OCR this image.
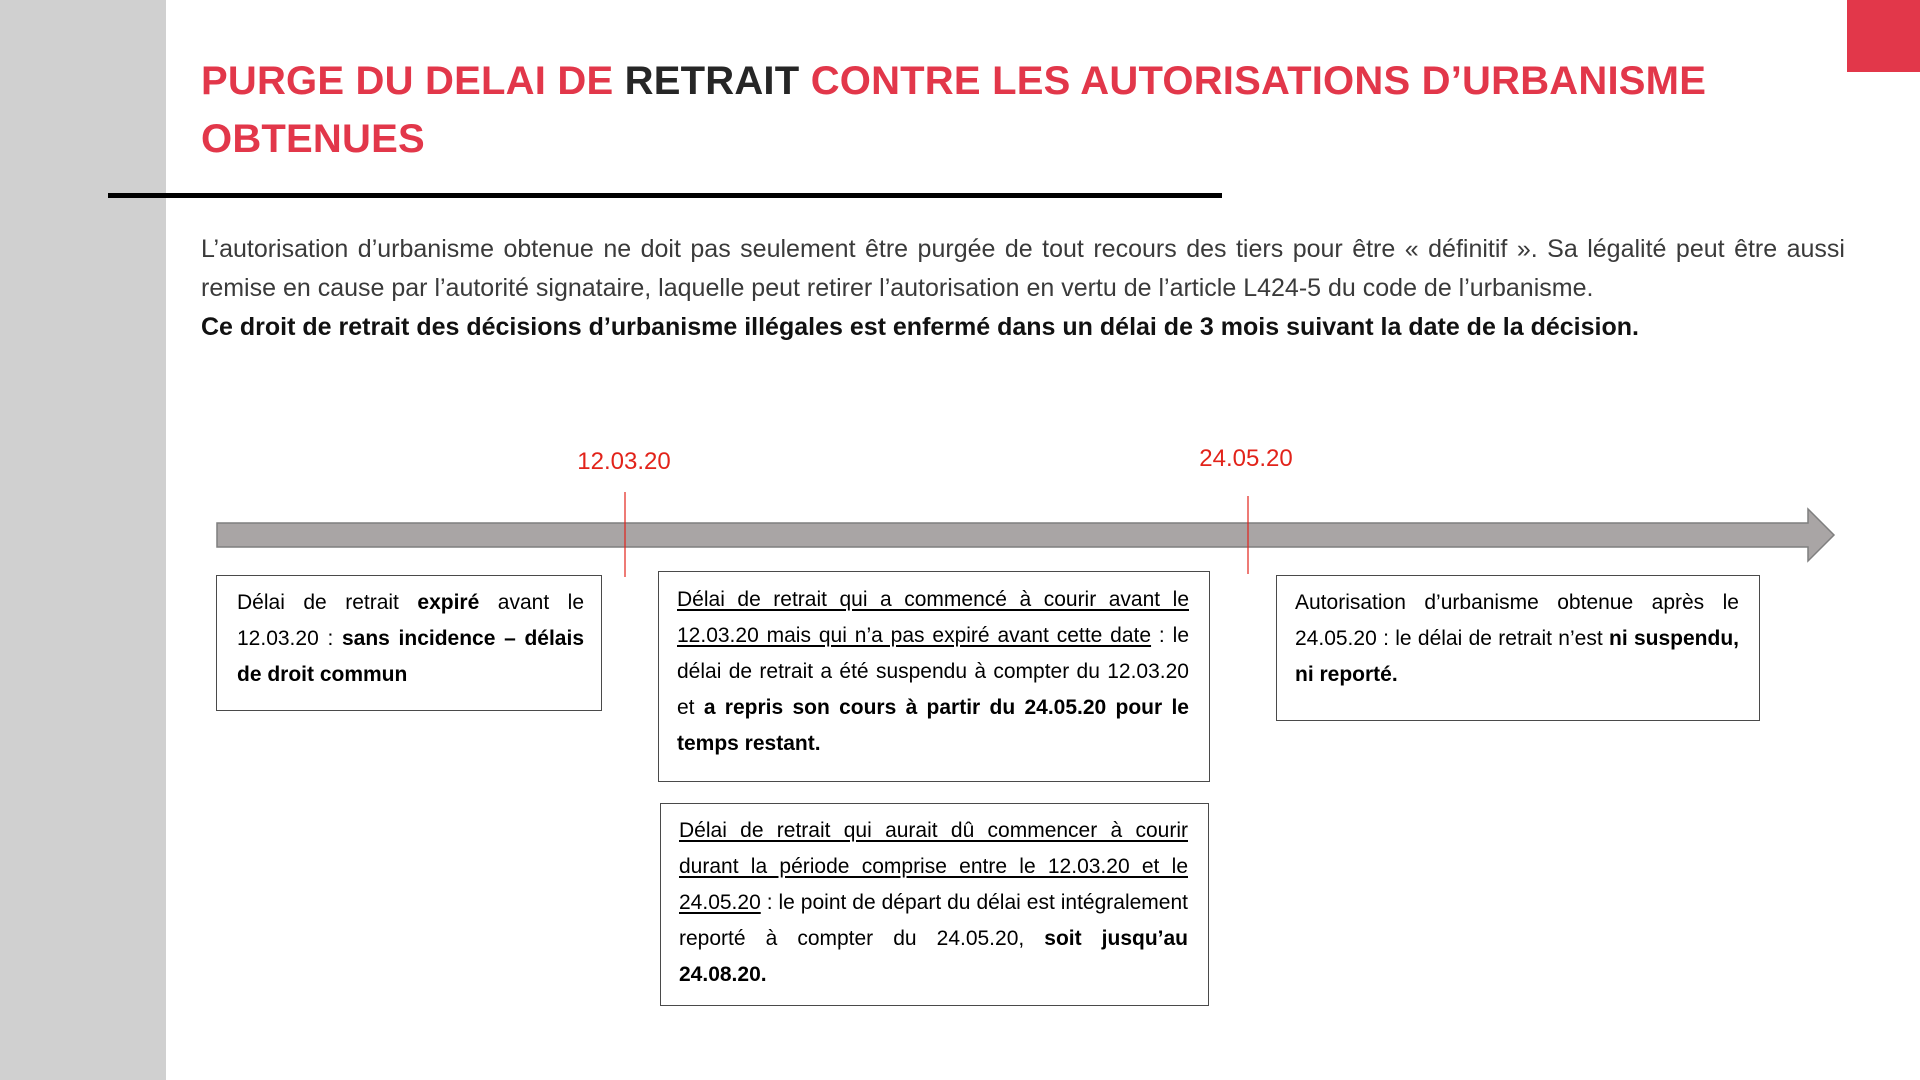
PURGE DU DELAI DE RETRAIT CONTRE LES AUTORISATIONS D’URBANISME OBTENUES

L’autorisation d’urbanisme obtenue ne doit pas seulement être purgée de tout recours des tiers pour être « définitif ». Sa légalité peut être aussi remise en cause par l’autorité signataire, laquelle peut retirer l’autorisation en vertu de l’article L424-5 du code de l’urbanisme.

Ce droit de retrait des décisions d’urbanisme illégales est enfermé dans un délai de 3 mois suivant la date de la décision.

12.03.20	24.05.20
Délai de retrait expiré avant le 12.03.20 : sans incidence – délais de droit commun
Délai de retrait qui a commencé à courir avant le 12.03.20 mais qui n’a pas expiré avant cette date : le délai de retrait a été suspendu à compter du 12.03.20 et a repris son cours à partir du 24.05.20 pour le temps restant.
Autorisation d’urbanisme obtenue après le 24.05.20 : le délai de retrait n’est ni suspendu, ni reporté.
Délai de retrait qui aurait dû commencer à courir durant la période comprise entre le 12.03.20 et le 24.05.20 : le point de départ du délai est intégralement reporté à compter du 24.05.20, soit jusqu’au 24.08.20.
